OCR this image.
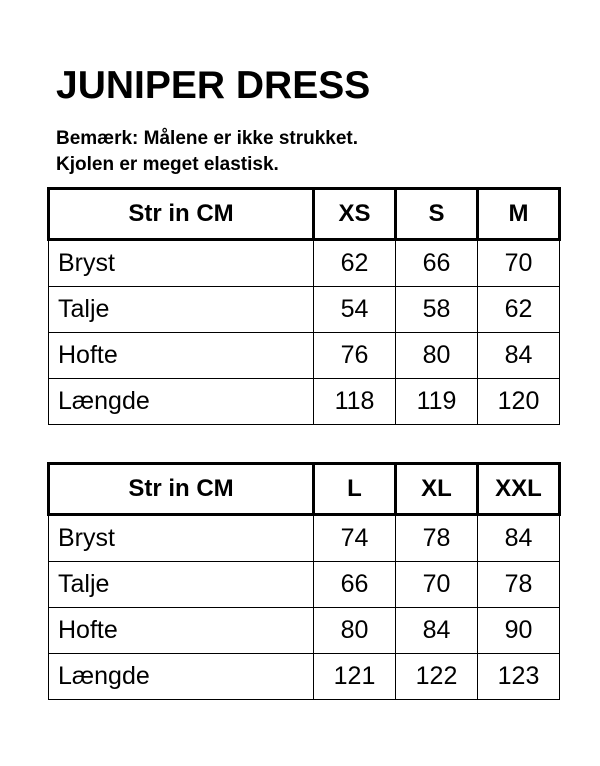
JUNIPER DRESS
Bemærk: Målene er ikke strukket.
Kjolen er meget elastisk.
Str in CM	XS	S	M
Bryst	62	66	70
Talje	54	58	62
Hofte	76	80	84
Længde	118	119	120
Str in CM	L	XL	XXL
Bryst	74	78	84
Talje	66	70	78
Hofte	80	84	90
Længde	121	122	123
